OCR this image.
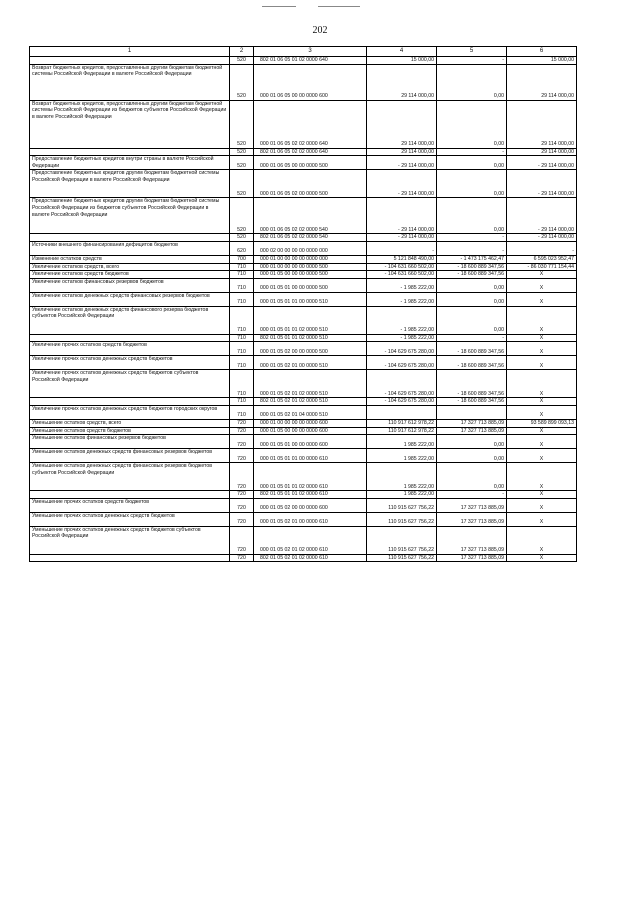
202
1	2	3	4	5	6
	520	802 01 06 05 01 02 0000 640	15 000,00	-	15 000,00
Возврат бюджетных кредитов, предоставленных другим бюджетам бюджетной системы Российской Федерации в валюте Российской Федерации	520	000 01 06 05 00 00 0000 600	29 114 000,00	0,00	29 114 000,00
Возврат бюджетных кредитов, предоставленных другим бюджетам бюджетной системы Российской Федерации из бюджетов субъектов Российской Федерации в валюте Российской Федерации	520	000 01 06 05 02 02 0000 640	29 114 000,00	0,00	29 114 000,00
	520	802 01 06 05 02 02 0000 640	29 114 000,00	-	29 114 000,00
Предоставление бюджетных кредитов внутри страны в валюте Российской Федерации	520	000 01 06 05 00 00 0000 500	- 29 114 000,00	0,00	- 29 114 000,00
Предоставление бюджетных кредитов другим бюджетам бюджетной системы Российской Федерации в валюте Российской Федерации	520	000 01 06 05 02 00 0000 500	- 29 114 000,00	0,00	- 29 114 000,00
Предоставление бюджетных кредитов другим бюджетам бюджетной системы Российской Федерации из бюджетов субъектов Российской Федерации в валюте Российской Федерации	520	000 01 06 05 02 02 0000 540	- 29 114 000,00	0,00	- 29 114 000,00
	520	802 01 06 05 02 02 0000 540	- 29 114 000,00	-	- 29 114 000,00
Источники внешнего финансирования дефицитов бюджетов	620	000 02 00 00 00 00 0000 000	-	-	-
Изменение остатков средств	700	000 01 00 00 00 00 0000 000	5 121 848 490,00	- 1 473 175 462,47	6 595 023 952,47
Увеличение остатков средств, всего	710	000 01 00 00 00 00 0000 500	- 104 631 660 502,00	- 18 600 889 347,56	- 86 030 771 154,44
Увеличение остатков средств бюджетов	710	000 01 05 00 00 00 0000 500	- 104 631 660 502,00	- 18 600 889 347,56	X
Увеличение остатков финансовых резервов бюджетов	710	000 01 05 01 00 00 0000 500	- 1 985 222,00	0,00	X
Увеличение остатков денежных средств финансовых резервов бюджетов	710	000 01 05 01 01 00 0000 510	- 1 985 222,00	0,00	X
Увеличение остатков денежных средств финансового резерва бюджетов субъектов Российской Федерации	710	000 01 05 01 01 02 0000 510	- 1 985 222,00	0,00	X
	710	802 01 05 01 01 02 0000 510	- 1 985 222,00	-	X
Увеличение прочих остатков средств бюджетов	710	000 01 05 02 00 00 0000 500	- 104 629 675 280,00	- 18 600 889 347,56	X
Увеличение прочих остатков денежных средств бюджетов	710	000 01 05 02 01 00 0000 510	- 104 629 675 280,00	- 18 600 889 347,56	X
Увеличение прочих остатков денежных средств бюджетов субъектов Российской Федерации	710	000 01 05 02 01 02 0000 510	- 104 629 675 280,00	- 18 600 889 347,56	X
	710	802 01 05 02 01 02 0000 510	- 104 629 675 280,00	- 18 600 889 347,56	X
Увеличение прочих остатков денежных средств бюджетов городских округов	710	000 01 05 02 01 04 0000 510			X
Уменьшение остатков средств, всего	720	000 01 00 00 00 00 0000 600	110 917 612 978,22	17 327 713 885,09	93 589 899 093,13
Уменьшение остатков средств бюджетов	720	000 01 05 00 00 00 0000 600	110 917 612 978,22	17 327 713 885,09	X
Уменьшение остатков финансовых резервов бюджетов	720	000 01 05 01 00 00 0000 600	1 985 222,00	0,00	X
Уменьшение остатков денежных средств финансовых резервов бюджетов	720	000 01 05 01 01 00 0000 610	1 985 222,00	0,00	X
Уменьшение остатков денежных средств финансовых резервов бюджетов субъектов Российской Федерации	720	000 01 05 01 01 02 0000 610	1 985 222,00	0,00	X
	720	802 01 05 01 01 02 0000 610	1 985 222,00	-	X
Уменьшение прочих остатков средств бюджетов	720	000 01 05 02 00 00 0000 600	110 915 627 756,22	17 327 713 885,09	X
Уменьшение прочих остатков денежных средств бюджетов	720	000 01 05 02 01 00 0000 610	110 915 627 756,22	17 327 713 885,09	X
Уменьшение прочих остатков денежных средств бюджетов субъектов Российской Федерации	720	000 01 05 02 01 02 0000 610	110 915 627 756,22	17 327 713 885,09	X
	720	802 01 05 02 01 02 0000 610	110 915 627 756,22	17 327 713 885,09	X
